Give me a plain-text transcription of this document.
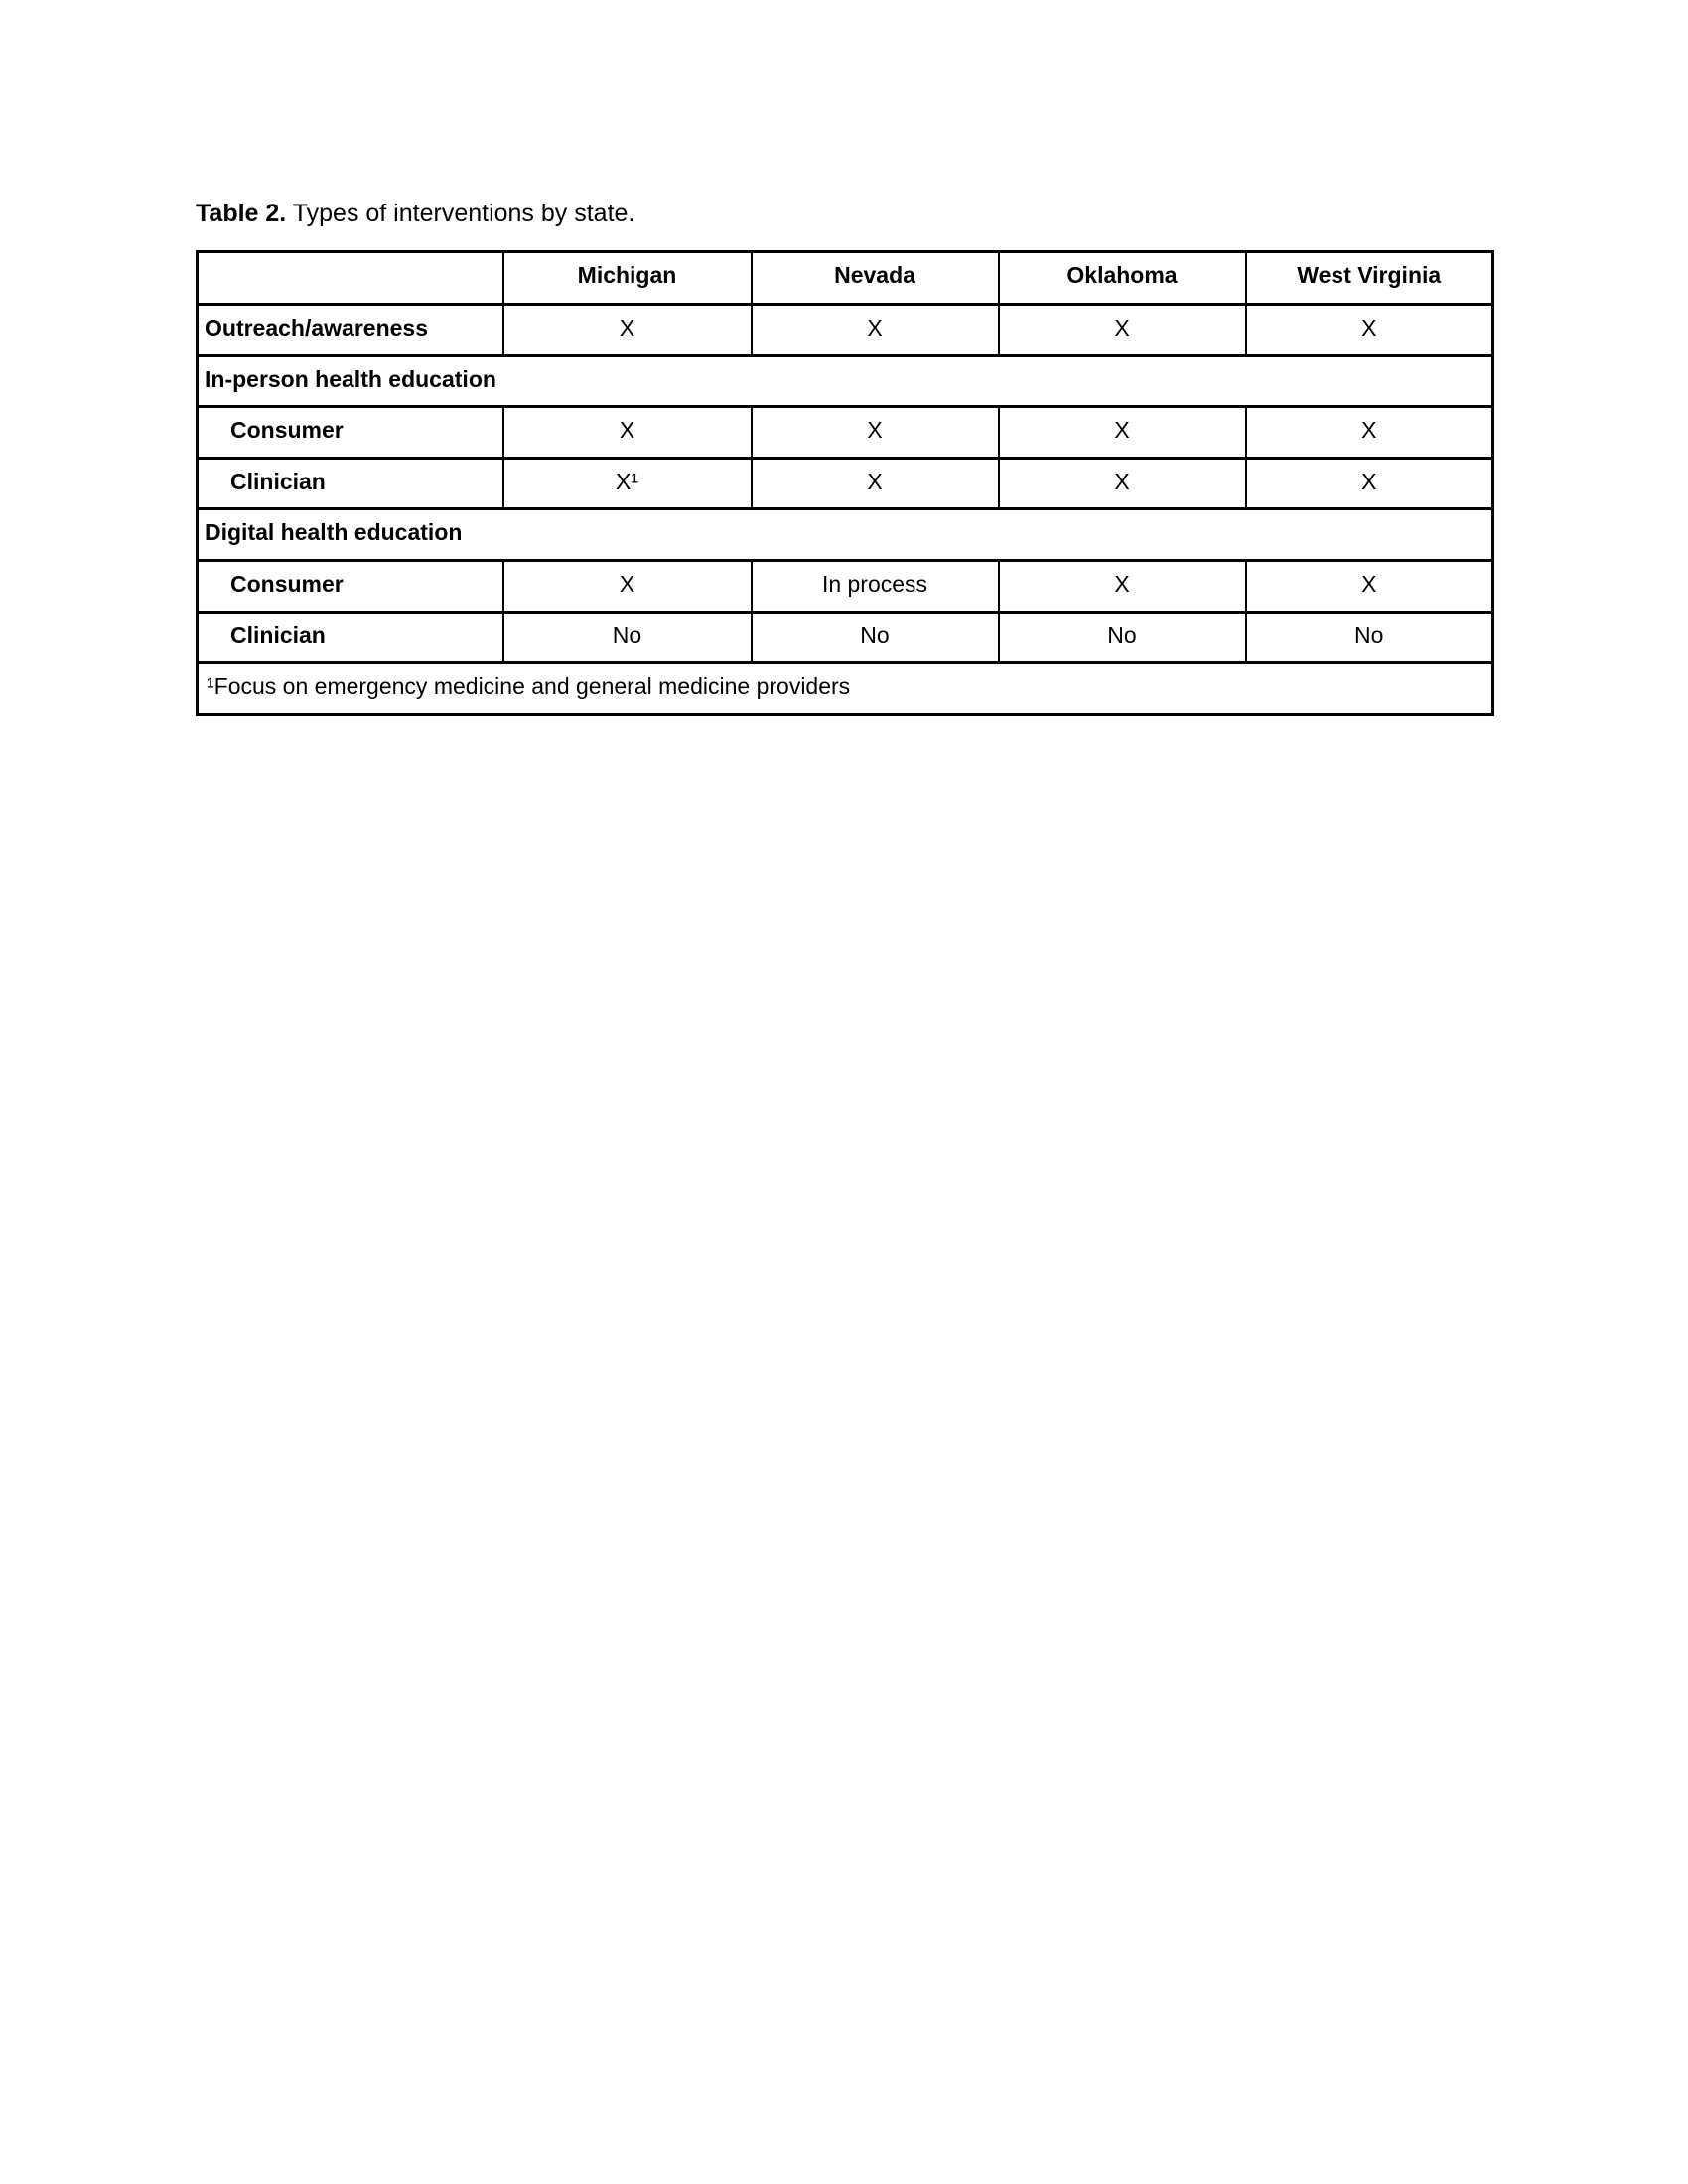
Table 2. Types of interventions by state.
	Michigan	Nevada	Oklahoma	West Virginia
Outreach/awareness	X	X	X	X
In-person health education				
Consumer	X	X	X	X
Clinician	X¹	X	X	X
Digital health education				
Consumer	X	In process	X	X
Clinician	No	No	No	No
¹Focus on emergency medicine and general medicine providers				
